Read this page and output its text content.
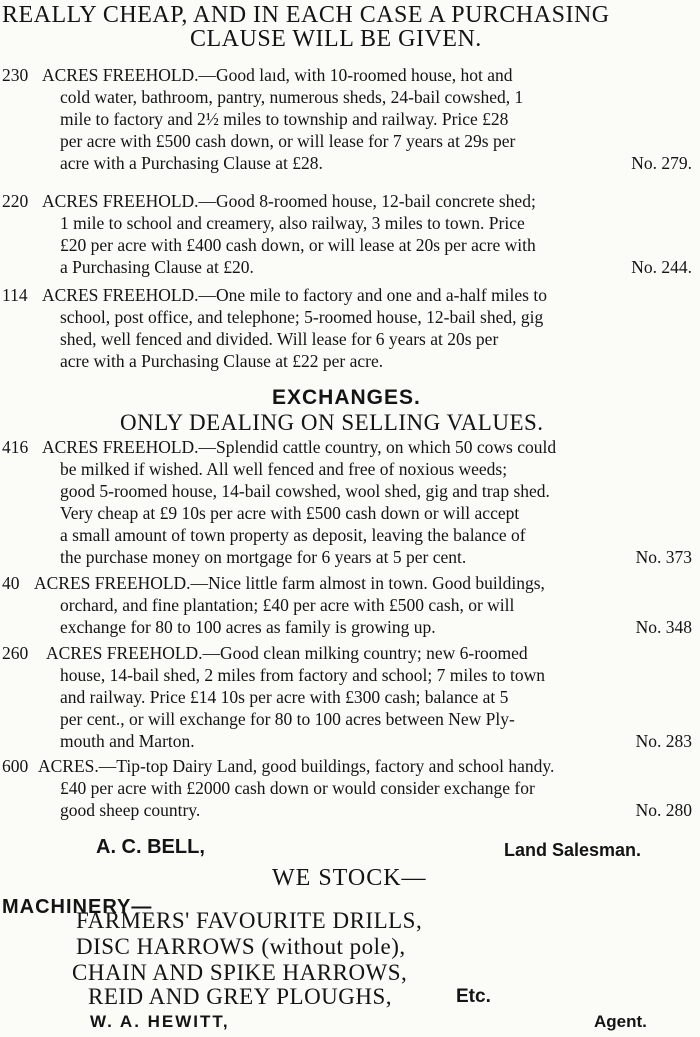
REALLY CHEAP, AND IN EACH CASE A PURCHASING
CLAUSE WILL BE GIVEN.
230 ACRES FREEHOLD.—Good laıd, with 10-roomed house, hot and
cold water, bathroom, pantry, numerous sheds, 24-bail cowshed, 1
mile to factory and 2½ miles to township and railway. Price £28
per acre with £500 cash down, or will lease for 7 years at 29s per
acre with a Purchasing Clause at £28.	No. 279.
220 ACRES FREEHOLD.—Good 8-roomed house, 12-bail concrete shed;
1 mile to school and creamery, also railway, 3 miles to town. Price
£20 per acre with £400 cash down, or will lease at 20s per acre with
a Purchasing Clause at £20.	No. 244.
114 ACRES FREEHOLD.—One mile to factory and one and a-half miles to
school, post office, and telephone; 5-roomed house, 12-bail shed, gig
shed, well fenced and divided. Will lease for 6 years at 20s per
acre with a Purchasing Clause at £22 per acre.
EXCHANGES.
ONLY DEALING ON SELLING VALUES.
416 ACRES FREEHOLD.—Splendid cattle country, on which 50 cows could
be milked if wished. All well fenced and free of noxious weeds;
good 5-roomed house, 14-bail cowshed, wool shed, gig and trap shed.
Very cheap at £9 10s per acre with £500 cash down or will accept
a small amount of town property as deposit, leaving the balance of
the purchase money on mortgage for 6 years at 5 per cent.	No. 373
40 ACRES FREEHOLD.—Nice little farm almost in town. Good buildings,
orchard, and fine plantation; £40 per acre with £500 cash, or will
exchange for 80 to 100 acres as family is growing up.	No. 348
260 ACRES FREEHOLD.—Good clean milking country; new 6-roomed
house, 14-bail shed, 2 miles from factory and school; 7 miles to town
and railway. Price £14 10s per acre with £300 cash; balance at 5
per cent., or will exchange for 80 to 100 acres between New Ply-
mouth and Marton.	No. 283
600 ACRES.—Tip-top Dairy Land, good buildings, factory and school handy.
£40 per acre with £2000 cash down or would consider exchange for
good sheep country.	No. 280
A. C. BELL,	Land Salesman.
WE STOCK—
MACHINERY—
FARMERS' FAVOURITE DRILLS,
DISC HARROWS (without pole),
CHAIN AND SPIKE HARROWS,
REID AND GREY PLOUGHS,	Etc.
W. A. HEWITT,	Agent.
